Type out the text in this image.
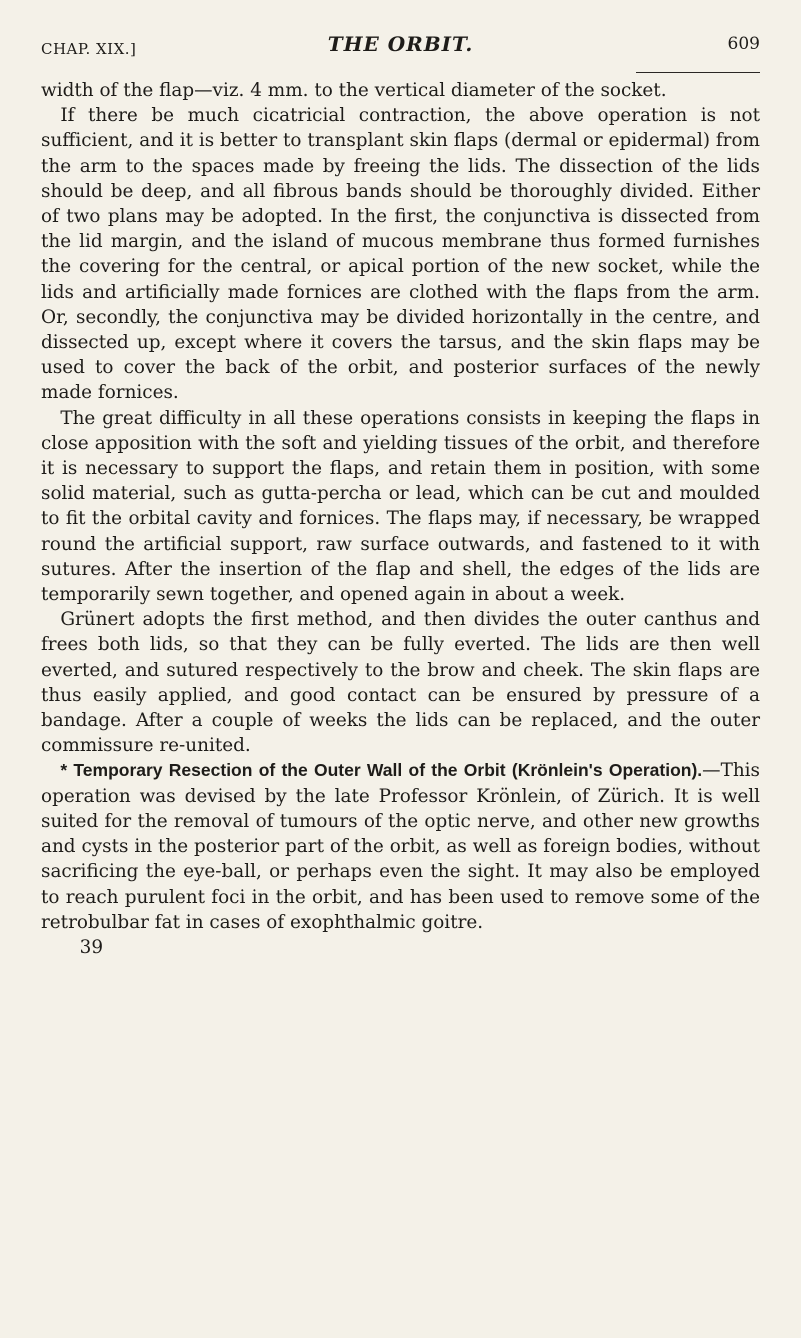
CHAP. XIX.]	THE ORBIT.	609

width of the flap—viz. 4 mm. to the vertical diameter of the socket.

If there be much cicatricial contraction, the above operation is not sufficient, and it is better to transplant skin flaps (dermal or epidermal) from the arm to the spaces made by freeing the lids. The dissection of the lids should be deep, and all fibrous bands should be thoroughly divided. Either of two plans may be adopted. In the first, the conjunctiva is dissected from the lid margin, and the island of mucous membrane thus formed furnishes the covering for the central, or apical portion of the new socket, while the lids and artificially made fornices are clothed with the flaps from the arm. Or, secondly, the conjunctiva may be divided horizontally in the centre, and dissected up, except where it covers the tarsus, and the skin flaps may be used to cover the back of the orbit, and posterior surfaces of the newly made fornices.

The great difficulty in all these operations consists in keeping the flaps in close apposition with the soft and yielding tissues of the orbit, and therefore it is necessary to support the flaps, and retain them in position, with some solid material, such as gutta-percha or lead, which can be cut and moulded to fit the orbital cavity and fornices. The flaps may, if necessary, be wrapped round the artificial support, raw surface outwards, and fastened to it with sutures. After the insertion of the flap and shell, the edges of the lids are temporarily sewn together, and opened again in about a week.

Grünert adopts the first method, and then divides the outer canthus and frees both lids, so that they can be fully everted. The lids are then well everted, and sutured respectively to the brow and cheek. The skin flaps are thus easily applied, and good contact can be ensured by pressure of a bandage. After a couple of weeks the lids can be replaced, and the outer commissure re-united.

* Temporary Resection of the Outer Wall of the Orbit (Krönlein's Operation).—This operation was devised by the late Professor Krönlein, of Zürich. It is well suited for the removal of tumours of the optic nerve, and other new growths and cysts in the posterior part of the orbit, as well as foreign bodies, without sacrificing the eye-ball, or perhaps even the sight. It may also be employed to reach purulent foci in the orbit, and has been used to remove some of the retrobulbar fat in cases of exophthalmic goitre.

39
